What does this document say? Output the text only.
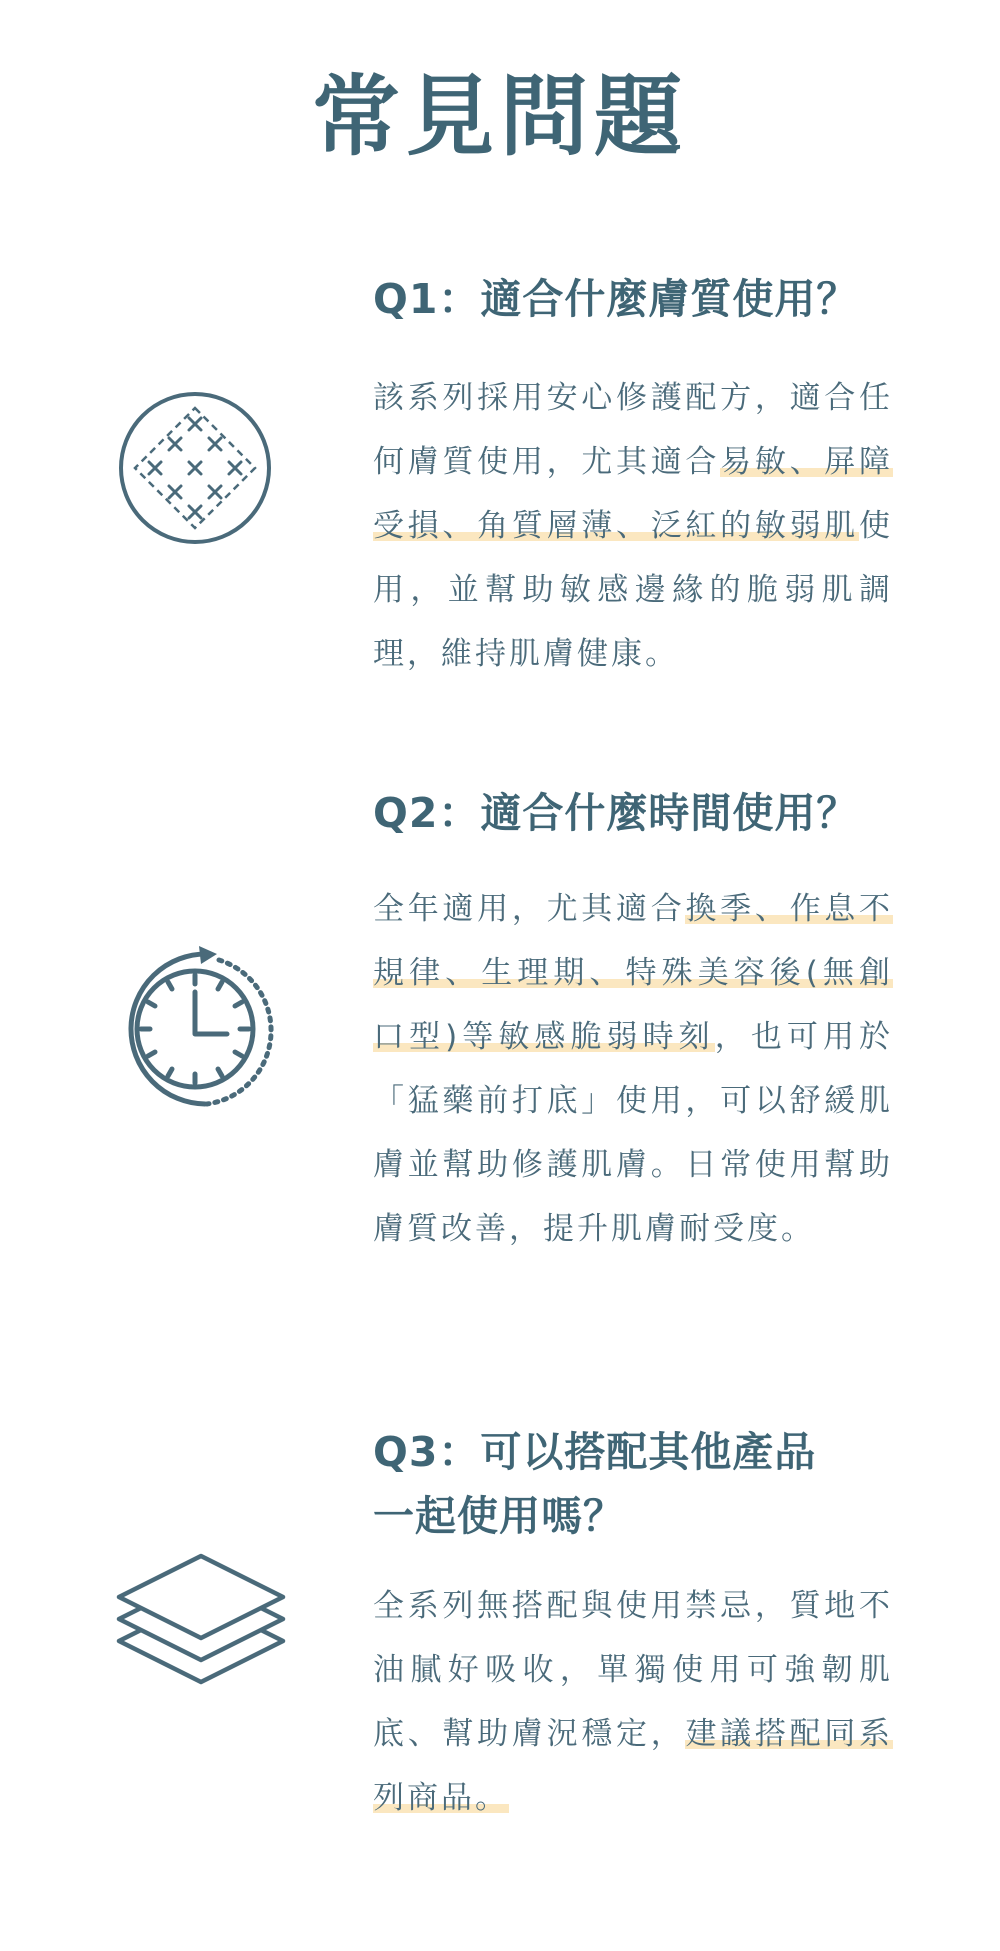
常見問題
Q1：適合什麼膚質使用？
該系列採用安心修護配方，適合任何膚質使用，尤其適合易敏、屏障受損、角質層薄、泛紅的敏弱肌使用，並幫助敏感邊緣的脆弱肌調理，維持肌膚健康。
Q2：適合什麼時間使用？
全年適用，尤其適合換季、作息不規律、生理期、特殊美容後(無創口型)等敏感脆弱時刻，也可用於「猛藥前打底」使用，可以舒緩肌膚並幫助修護肌膚。日常使用幫助膚質改善，提升肌膚耐受度。
Q3：可以搭配其他產品
一起使用嗎？
全系列無搭配與使用禁忌，質地不油膩好吸收，單獨使用可強韌肌底、幫助膚況穩定，建議搭配同系列商品。
